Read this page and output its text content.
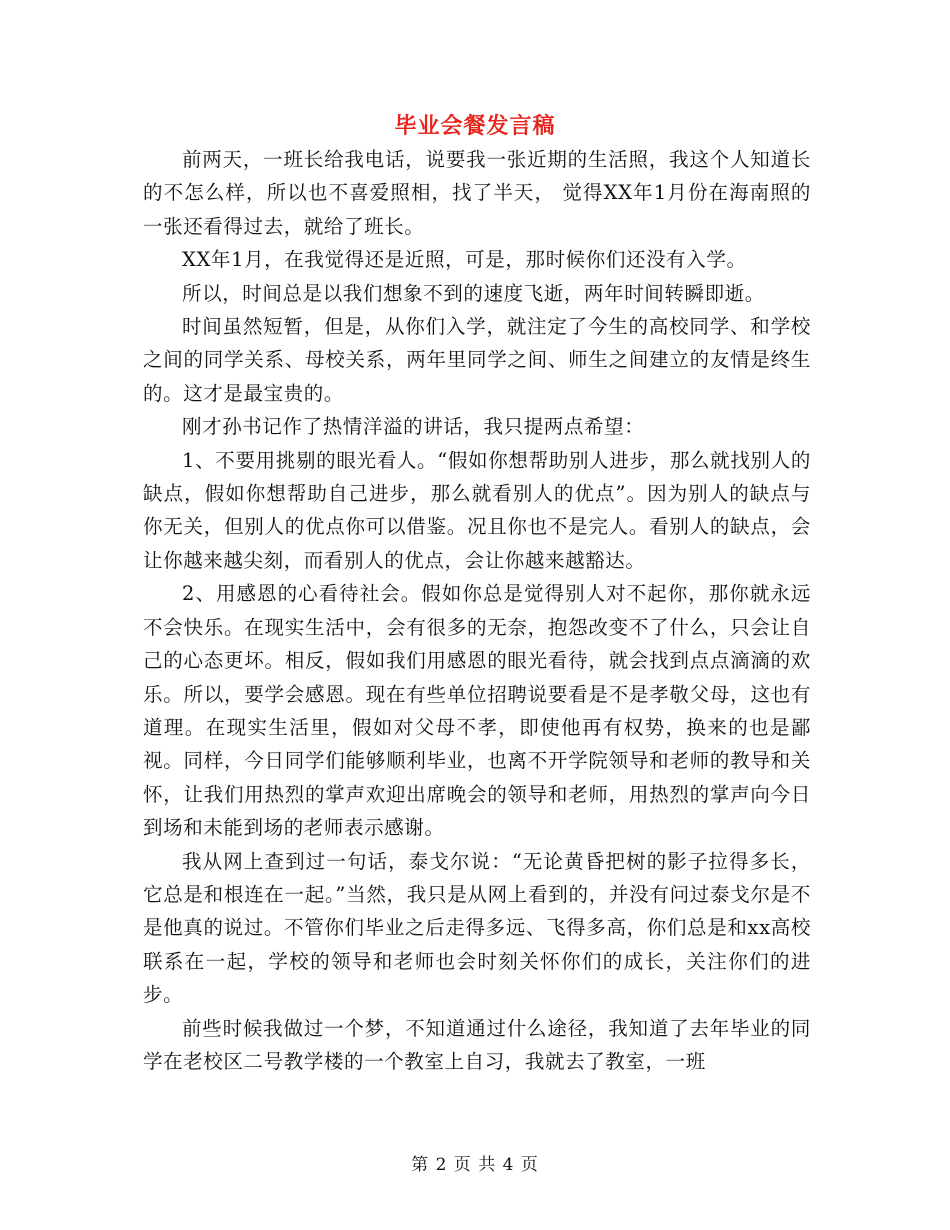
毕业会餐发言稿

前两天，一班长给我电话，说要我一张近期的生活照，我这个人知道长的不怎么样，所以也不喜爱照相，找了半天， 觉得XX年1月份在海南照的一张还看得过去，就给了班长。

XX年1月，在我觉得还是近照，可是，那时候你们还没有入学。

所以，时间总是以我们想象不到的速度飞逝，两年时间转瞬即逝。

时间虽然短暂，但是，从你们入学，就注定了今生的高校同学、和学校之间的同学关系、母校关系，两年里同学之间、师生之间建立的友情是终生的。这才是最宝贵的。

刚才孙书记作了热情洋溢的讲话，我只提两点希望：

1、不要用挑剔的眼光看人。“假如你想帮助别人进步，那么就找别人的缺点，假如你想帮助自己进步，那么就看别人的优点”。因为别人的缺点与你无关，但别人的优点你可以借鉴。况且你也不是完人。看别人的缺点，会让你越来越尖刻，而看别人的优点，会让你越来越豁达。

2、用感恩的心看待社会。假如你总是觉得别人对不起你，那你就永远不会快乐。在现实生活中，会有很多的无奈，抱怨改变不了什么，只会让自己的心态更坏。相反，假如我们用感恩的眼光看待，就会找到点点滴滴的欢乐。所以，要学会感恩。现在有些单位招聘说要看是不是孝敬父母，这也有道理。在现实生活里，假如对父母不孝，即使他再有权势，换来的也是鄙视。同样，今日同学们能够顺利毕业，也离不开学院领导和老师的教导和关怀，让我们用热烈的掌声欢迎出席晚会的领导和老师，用热烈的掌声向今日到场和未能到场的老师表示感谢。

我从网上查到过一句话，泰戈尔说：“无论黄昏把树的影子拉得多长，它总是和根连在一起。”当然，我只是从网上看到的，并没有问过泰戈尔是不是他真的说过。不管你们毕业之后走得多远、飞得多高，你们总是和xx高校联系在一起，学校的领导和老师也会时刻关怀你们的成长，关注你们的进步。

前些时候我做过一个梦，不知道通过什么途径，我知道了去年毕业的同学在老校区二号教学楼的一个教室上自习，我就去了教室，一班

第 2 页 共 4 页
